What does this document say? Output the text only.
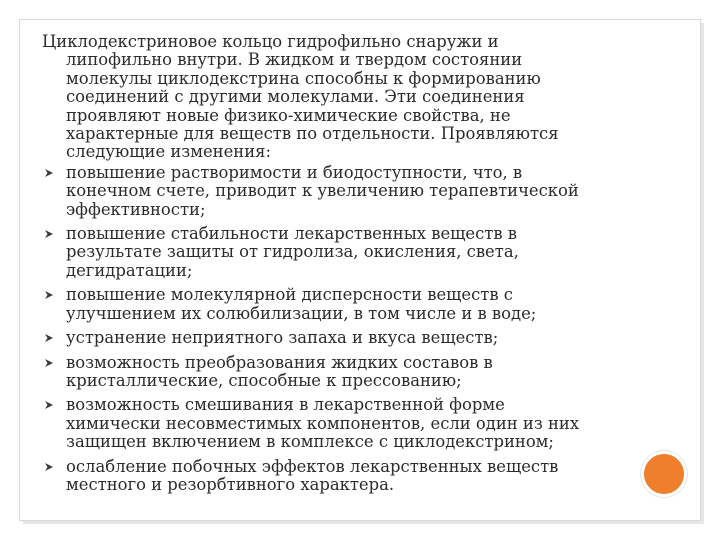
Циклодекстриновое кольцо гидрофильно снаружи и липофильно внутри. В жидком и твердом состоянии молекулы циклодекстрина способны к формированию соединений с другими молекулами. Эти соединения проявляют новые физико-химические свойства, не характерные для веществ по отдельности. Проявляются следующие изменения:

повышение растворимости и биодоступности, что, в конечном счете, приводит к увеличению терапевтической эффективности;
повышение стабильности лекарственных веществ в результате защиты от гидролиза, окисления, света, дегидратации;
повышение молекулярной дисперсности веществ с улучшением их солюбилизации, в том числе и в воде;
устранение неприятного запаха и вкуса веществ;
возможность преобразования жидких составов в кристаллические, способные к прессованию;
возможность смешивания в лекарственной форме химически несовместимых компонентов, если один из них защищен включением в комплексе с циклодекстрином;
ослабление побочных эффектов лекарственных веществ местного и резорбтивного характера.
